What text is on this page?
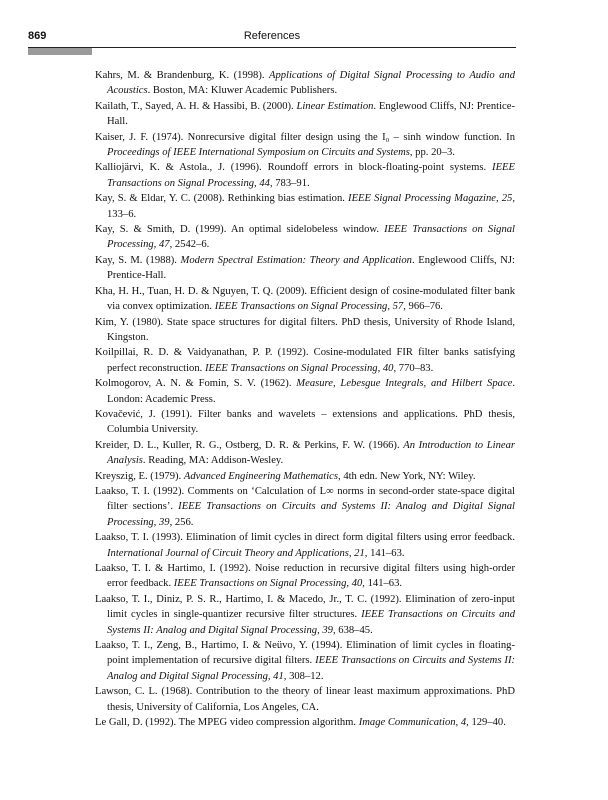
869	References

Kahrs, M. & Brandenburg, K. (1998). Applications of Digital Signal Processing to Audio and Acoustics. Boston, MA: Kluwer Academic Publishers.

Kailath, T., Sayed, A. H. & Hassibi, B. (2000). Linear Estimation. Englewood Cliffs, NJ: Prentice-Hall.

Kaiser, J. F. (1974). Nonrecursive digital filter design using the I₀ – sinh window function. In Proceedings of IEEE International Symposium on Circuits and Systems, pp. 20–3.

Kalliojärvi, K. & Astola., J. (1996). Roundoff errors in block-floating-point systems. IEEE Transactions on Signal Processing, 44, 783–91.

Kay, S. & Eldar, Y. C. (2008). Rethinking bias estimation. IEEE Signal Processing Magazine, 25, 133–6.

Kay, S. & Smith, D. (1999). An optimal sidelobeless window. IEEE Transactions on Signal Processing, 47, 2542–6.

Kay, S. M. (1988). Modern Spectral Estimation: Theory and Application. Englewood Cliffs, NJ: Prentice-Hall.

Kha, H. H., Tuan, H. D. & Nguyen, T. Q. (2009). Efficient design of cosine-modulated filter bank via convex optimization. IEEE Transactions on Signal Processing, 57, 966–76.

Kim, Y. (1980). State space structures for digital filters. PhD thesis, University of Rhode Island, Kingston.

Koilpillai, R. D. & Vaidyanathan, P. P. (1992). Cosine-modulated FIR filter banks satisfying perfect reconstruction. IEEE Transactions on Signal Processing, 40, 770–83.

Kolmogorov, A. N. & Fomin, S. V. (1962). Measure, Lebesgue Integrals, and Hilbert Space. London: Academic Press.

Kovačević, J. (1991). Filter banks and wavelets – extensions and applications. PhD thesis, Columbia University.

Kreider, D. L., Kuller, R. G., Ostberg, D. R. & Perkins, F. W. (1966). An Introduction to Linear Analysis. Reading, MA: Addison-Wesley.

Kreyszig, E. (1979). Advanced Engineering Mathematics, 4th edn. New York, NY: Wiley.

Laakso, T. I. (1992). Comments on ‘Calculation of L∞ norms in second-order state-space digital filter sections’. IEEE Transactions on Circuits and Systems II: Analog and Digital Signal Processing, 39, 256.

Laakso, T. I. (1993). Elimination of limit cycles in direct form digital filters using error feedback. International Journal of Circuit Theory and Applications, 21, 141–63.

Laakso, T. I. & Hartimo, I. (1992). Noise reduction in recursive digital filters using high-order error feedback. IEEE Transactions on Signal Processing, 40, 141–63.

Laakso, T. I., Diniz, P. S. R., Hartimo, I. & Macedo, Jr., T. C. (1992). Elimination of zero-input limit cycles in single-quantizer recursive filter structures. IEEE Transactions on Circuits and Systems II: Analog and Digital Signal Processing, 39, 638–45.

Laakso, T. I., Zeng, B., Hartimo, I. & Neüvo, Y. (1994). Elimination of limit cycles in floating-point implementation of recursive digital filters. IEEE Transactions on Circuits and Systems II: Analog and Digital Signal Processing, 41, 308–12.

Lawson, C. L. (1968). Contribution to the theory of linear least maximum approximations. PhD thesis, University of California, Los Angeles, CA.

Le Gall, D. (1992). The MPEG video compression algorithm. Image Communication, 4, 129–40.
